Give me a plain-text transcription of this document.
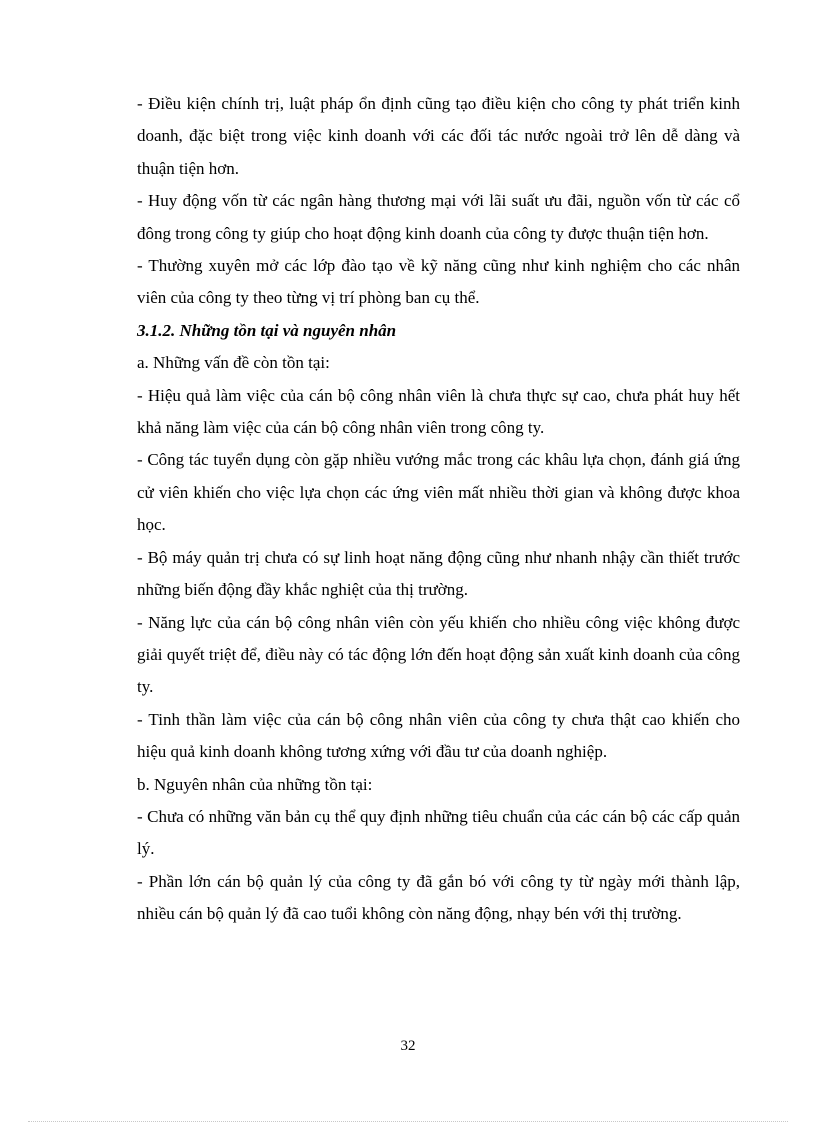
- Điều kiện chính trị, luật pháp ổn định cũng tạo điều kiện cho công ty phát triển kinh doanh, đặc biệt trong việc kinh doanh với các đối tác nước ngoài trở lên dễ dàng và thuận tiện hơn.

- Huy động vốn từ các ngân hàng thương mại với lãi suất ưu đãi, nguồn vốn từ các cổ đông trong công ty giúp cho hoạt động kinh doanh của công ty được thuận tiện hơn.

- Thường xuyên mở các lớp đào tạo về kỹ năng cũng như kinh nghiệm cho các nhân viên của công ty theo từng vị trí phòng ban cụ thể.

3.1.2. Những tồn tại và nguyên nhân

a. Những vấn đề còn tồn tại:

- Hiệu quả làm việc của cán bộ công nhân viên là chưa thực sự cao, chưa phát huy hết khả năng làm việc của cán bộ công nhân viên trong công ty.

- Công tác tuyển dụng còn gặp nhiều vướng mắc trong các khâu lựa chọn, đánh giá ứng cử viên khiến cho việc lựa chọn các ứng viên mất nhiều thời gian và không được khoa học.

- Bộ máy quản trị chưa có sự linh hoạt năng động cũng như nhanh nhậy cần thiết trước những biến động đầy khắc nghiệt của thị trường.

- Năng lực của cán bộ công nhân viên còn yếu khiến cho nhiều công việc không được giải quyết triệt để, điều này có tác động lớn đến hoạt động sản xuất kinh doanh của công ty.

- Tinh thần làm việc của cán bộ công nhân viên của công ty chưa thật cao khiến cho hiệu quả kinh doanh không tương xứng với đầu tư của doanh nghiệp.

b. Nguyên nhân của những tồn tại:

- Chưa có những văn bản cụ thể quy định những tiêu chuẩn của các cán bộ các cấp quản lý.

- Phần lớn cán bộ quản lý của công ty đã gắn bó với công ty từ ngày mới thành lập, nhiều cán bộ quản lý đã cao tuổi không còn năng động, nhạy bén với thị trường.

32
